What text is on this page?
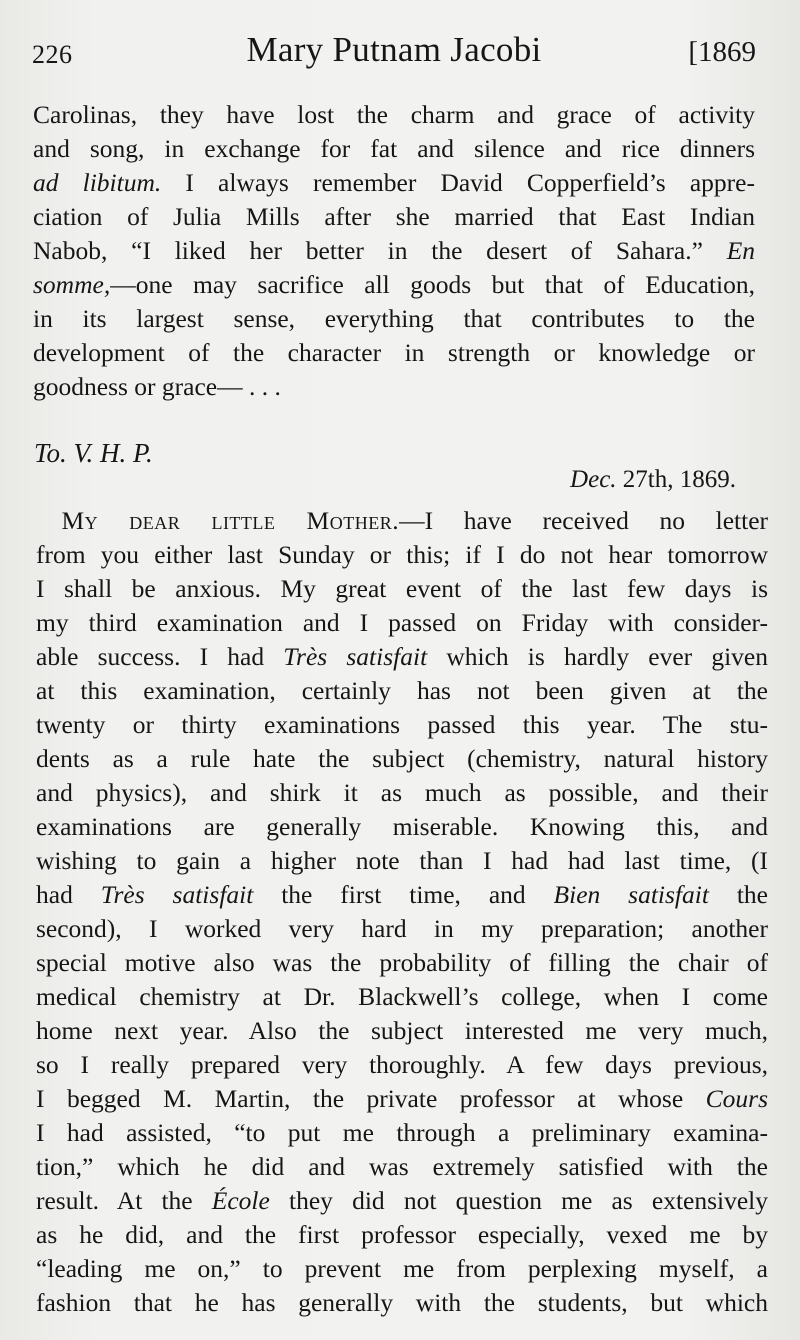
226	Mary Putnam Jacobi	[1869
Carolinas, they have lost the charm and grace of activity
and song, in exchange for fat and silence and rice dinners
ad libitum. I always remember David Copperfield’s appre-
ciation of Julia Mills after she married that East Indian
Nabob, “I liked her better in the desert of Sahara.” En
somme,—one may sacrifice all goods but that of Education,
in its largest sense, everything that contributes to the
development of the character in strength or knowledge or
goodness or grace— . . .

To. V. H. P.

Dec. 27th, 1869.

 My dear little Mother.—I have received no letter
from you either last Sunday or this; if I do not hear tomorrow
I shall be anxious. My great event of the last few days is
my third examination and I passed on Friday with consider-
able success. I had Très satisfait which is hardly ever given
at this examination, certainly has not been given at the
twenty or thirty examinations passed this year. The stu-
dents as a rule hate the subject (chemistry, natural history
and physics), and shirk it as much as possible, and their
examinations are generally miserable. Knowing this, and
wishing to gain a higher note than I had had last time, (I
had Très satisfait the first time, and Bien satisfait the
second), I worked very hard in my preparation; another
special motive also was the probability of filling the chair of
medical chemistry at Dr. Blackwell’s college, when I come
home next year. Also the subject interested me very much,
so I really prepared very thoroughly. A few days previous,
I begged M. Martin, the private professor at whose Cours
I had assisted, “to put me through a preliminary examina-
tion,” which he did and was extremely satisfied with the
result. At the École they did not question me as extensively
as he did, and the first professor especially, vexed me by
“leading me on,” to prevent me from perplexing myself, a
fashion that he has generally with the students, but which
